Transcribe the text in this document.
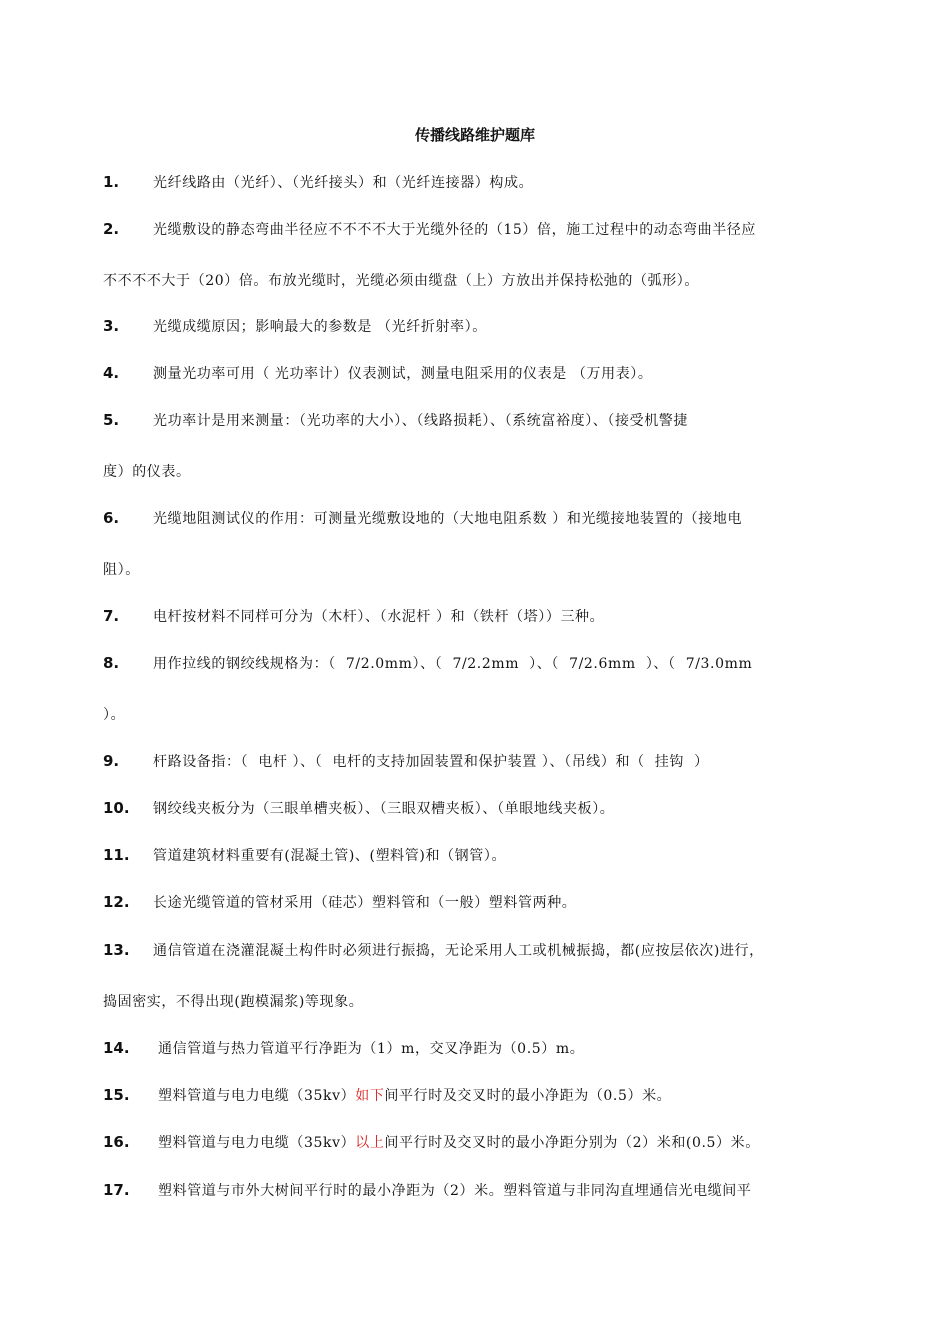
传播线路维护题库
1. 光纤线路由（光纤）、（光纤接头）和（光纤连接器）构成。
2. 光缆敷设的静态弯曲半径应不不不不大于光缆外径的（15）倍，施工过程中的动态弯曲半径应
不不不不大于（20）倍。布放光缆时，光缆必须由缆盘（上）方放出并保持松弛的（弧形）。
3. 光缆成缆原因；影响最大的参数是 （光纤折射率）。
4. 测量光功率可用（ 光功率计）仪表测试，测量电阻采用的仪表是 （万用表）。
5. 光功率计是用来测量：（光功率的大小）、（线路损耗）、（系统富裕度）、（接受机警捷
度）的仪表。
6. 光缆地阻测试仪的作用：可测量光缆敷设地的（大地电阻系数 ）和光缆接地装置的（接地电
阻）。
7. 电杆按材料不同样可分为（木杆）、（水泥杆 ）和（铁杆（塔））三种。
8. 用作拉线的钢绞线规格为：（  7/2.0mm）、（  7/2.2mm  ）、（  7/2.6mm  ）、（  7/3.0mm
）。
9. 杆路设备指：（  电杆 ）、（  电杆的支持加固装置和保护装置 ）、（吊线）和（  挂钩  ）
10. 钢绞线夹板分为（三眼单槽夹板）、（三眼双槽夹板）、（单眼地线夹板）。
11. 管道建筑材料重要有(混凝土管)、(塑料管)和（钢管）。
12. 长途光缆管道的管材采用（硅芯）塑料管和（一般）塑料管两种。
13. 通信管道在浇灌混凝土构件时必须进行振捣，无论采用人工或机械振捣，都(应按层依次)进行，
捣固密实，不得出现(跑模漏浆)等现象。
14. 通信管道与热力管道平行净距为（1）m，交叉净距为（0.5）m。
15. 塑料管道与电力电缆（35kv）如下间平行时及交叉时的最小净距为（0.5）米。
16. 塑料管道与电力电缆（35kv）以上间平行时及交叉时的最小净距分别为（2）米和(0.5）米。
17. 塑料管道与市外大树间平行时的最小净距为（2）米。塑料管道与非同沟直埋通信光电缆间平
